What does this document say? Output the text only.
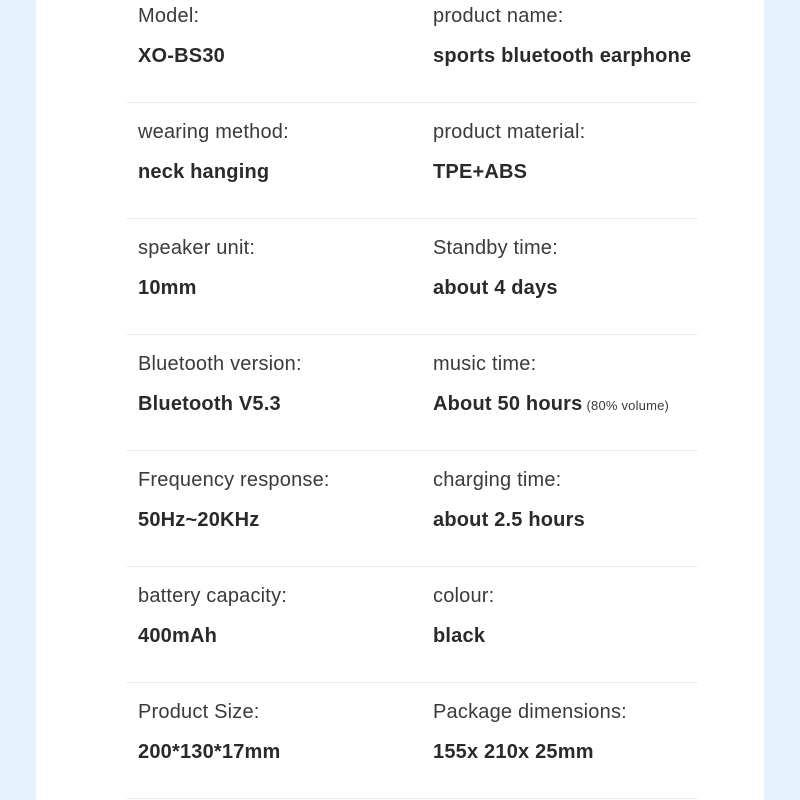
Model:
XO-BS30
product name:
sports bluetooth earphone
wearing method:
neck hanging
product material:
TPE+ABS
speaker unit:
10mm
Standby time:
about 4 days
Bluetooth version:
Bluetooth V5.3
music time:
About 50 hours (80% volume)
Frequency response:
50Hz~20KHz
charging time:
about 2.5 hours
battery capacity:
400mAh
colour:
black
Product Size:
200*130*17mm
Package dimensions:
155x 210x 25mm
